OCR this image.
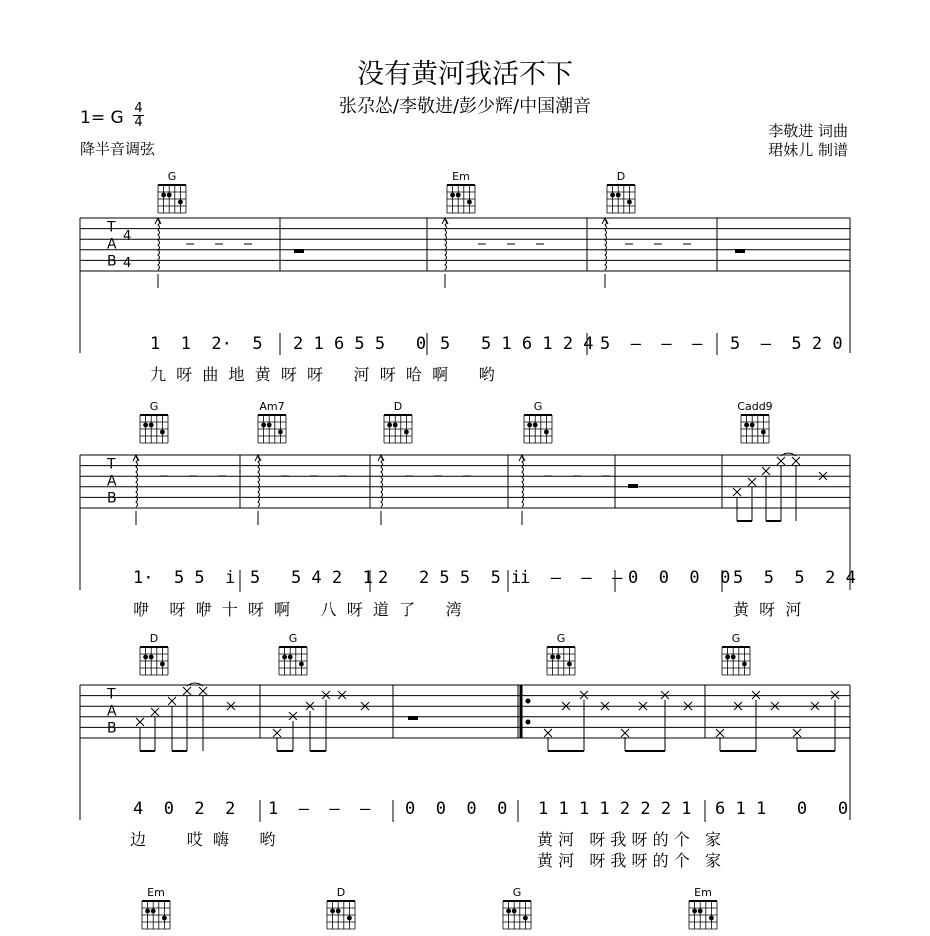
没有黄河我活不下
张尕怂/李敬进/彭少辉/中国潮音
1= G 4
4
降半音调弦
李敬进 词曲
珺妹儿 制谱
G	Em	D
G	Am7	D	G	Cadd9
D	G	G	G
Em	D	G	Em
T
A
B
4
4
T
A
B
T
A
B
1  1  2·  5 2 1 6 5 5   0 5   5 1 6 1 2 4 5  —  —  — 5  —  5 2 0
九  呀  曲  地  黄  呀  呀      河  呀  哈  啊      哟
1·  5 5  i 5   5 4 2  1 2   2 5 5  5 i
i  —  —  — 0  0  0  0 5  5  5  2 4
咿    呀  咿  十  呀  啊      八  呀  道  了      湾	黄  呀  河
4  0  2  2 1  —  —  — 0  0  0  0 1 1 1 1 2 2 2 1 6 1 1   0   0
边        哎  嗨      哟	黄 河   呀 我 呀 的 个   家
黄 河   呀 我 呀 的 个   家
